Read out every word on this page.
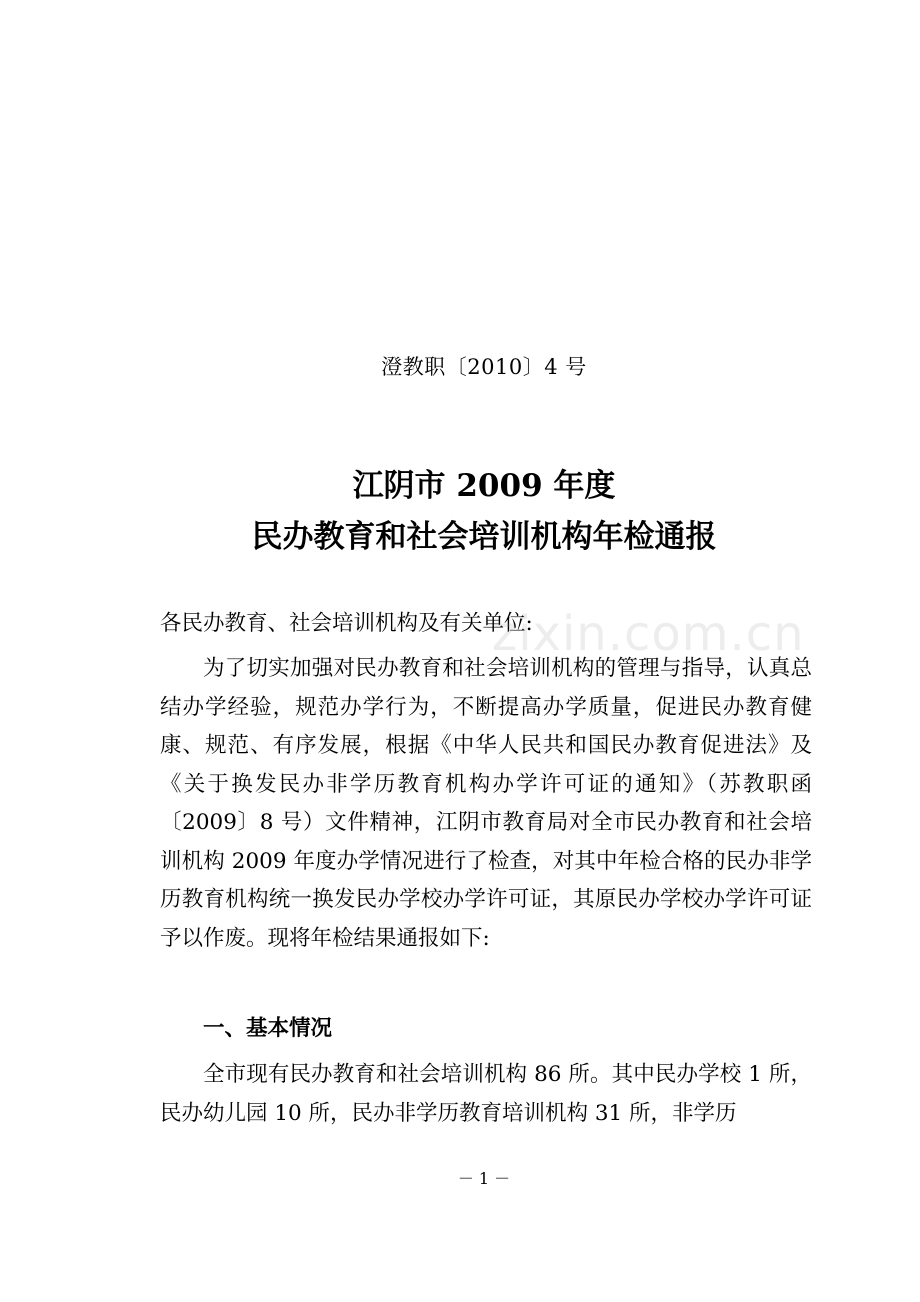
澄教职〔2010〕4 号
江阴市 2009 年度
民办教育和社会培训机构年检通报
各民办教育、社会培训机构及有关单位:
zixin.com.cn
为了切实加强对民办教育和社会培训机构的管理与指导，认真总结办学经验，规范办学行为，不断提高办学质量，促进民办教育健康、规范、有序发展，根据《中华人民共和国民办教育促进法》及《关于换发民办非学历教育机构办学许可证的通知》（苏教职函〔2009〕8 号）文件精神，江阴市教育局对全市民办教育和社会培训机构 2009 年度办学情况进行了检查，对其中年检合格的民办非学历教育机构统一换发民办学校办学许可证，其原民办学校办学许可证予以作废。现将年检结果通报如下:
一、基本情况
全市现有民办教育和社会培训机构 86 所。其中民办学校 1 所，民办幼儿园 10 所，民办非学历教育培训机构 31 所，非学历
－ 1 －
